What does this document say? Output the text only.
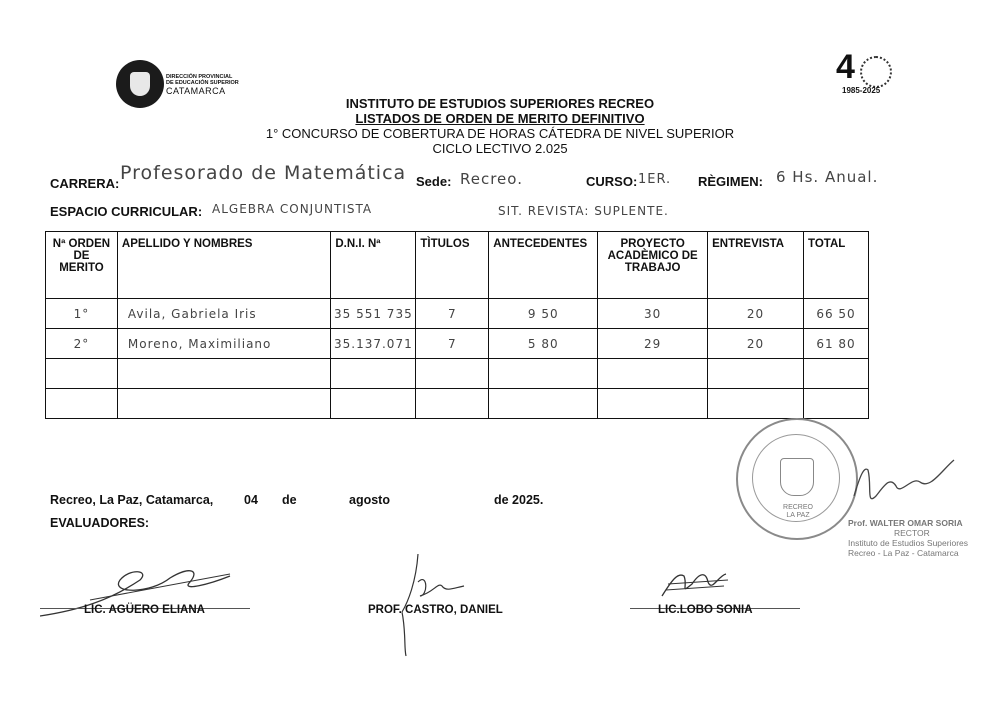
DIRECCIÓN PROVINCIAL
DE EDUCACIÓN SUPERIOR
CATAMARCA
4
1985-2025
INSTITUTO DE ESTUDIOS SUPERIORES RECREO
LISTADOS DE ORDEN DE MERITO DEFINITIVO
1° CONCURSO DE COBERTURA DE HORAS CÁTEDRA DE NIVEL SUPERIOR
CICLO LECTIVO 2.025
CARRERA: Profesorado de Matemática Sede: Recreo.	CURSO: 1ER. RÈGIMEN: 6 Hs. Anual.
ESPACIO CURRICULAR: ALGEBRA CONJUNTISTA	SIT. REVISTA: SUPLENTE.
Nª ORDEN DE MERITO	APELLIDO Y NOMBRES	D.N.I. Nª	TÌTULOS	ANTECEDENTES	PROYECTO ACADÈMICO DE TRABAJO	ENTREVISTA	TOTAL
1°	Avila, Gabriela Iris	35 551 735	7	9 50	30	20	66 50
2°	Moreno, Maximiliano	35.137.071	7	5 80	29	20	61 80

Recreo, La Paz, Catamarca, 04 de	agosto	de 2025.
EVALUADORES:
LIC. AGÜERO ELIANA	PROF. CASTRO, DANIEL	LIC.LOBO SONIA
RECREO
LA PAZ
Prof. WALTER OMAR SORIA
RECTOR
Instituto de Estudios Superiores
Recreo - La Paz - Catamarca
